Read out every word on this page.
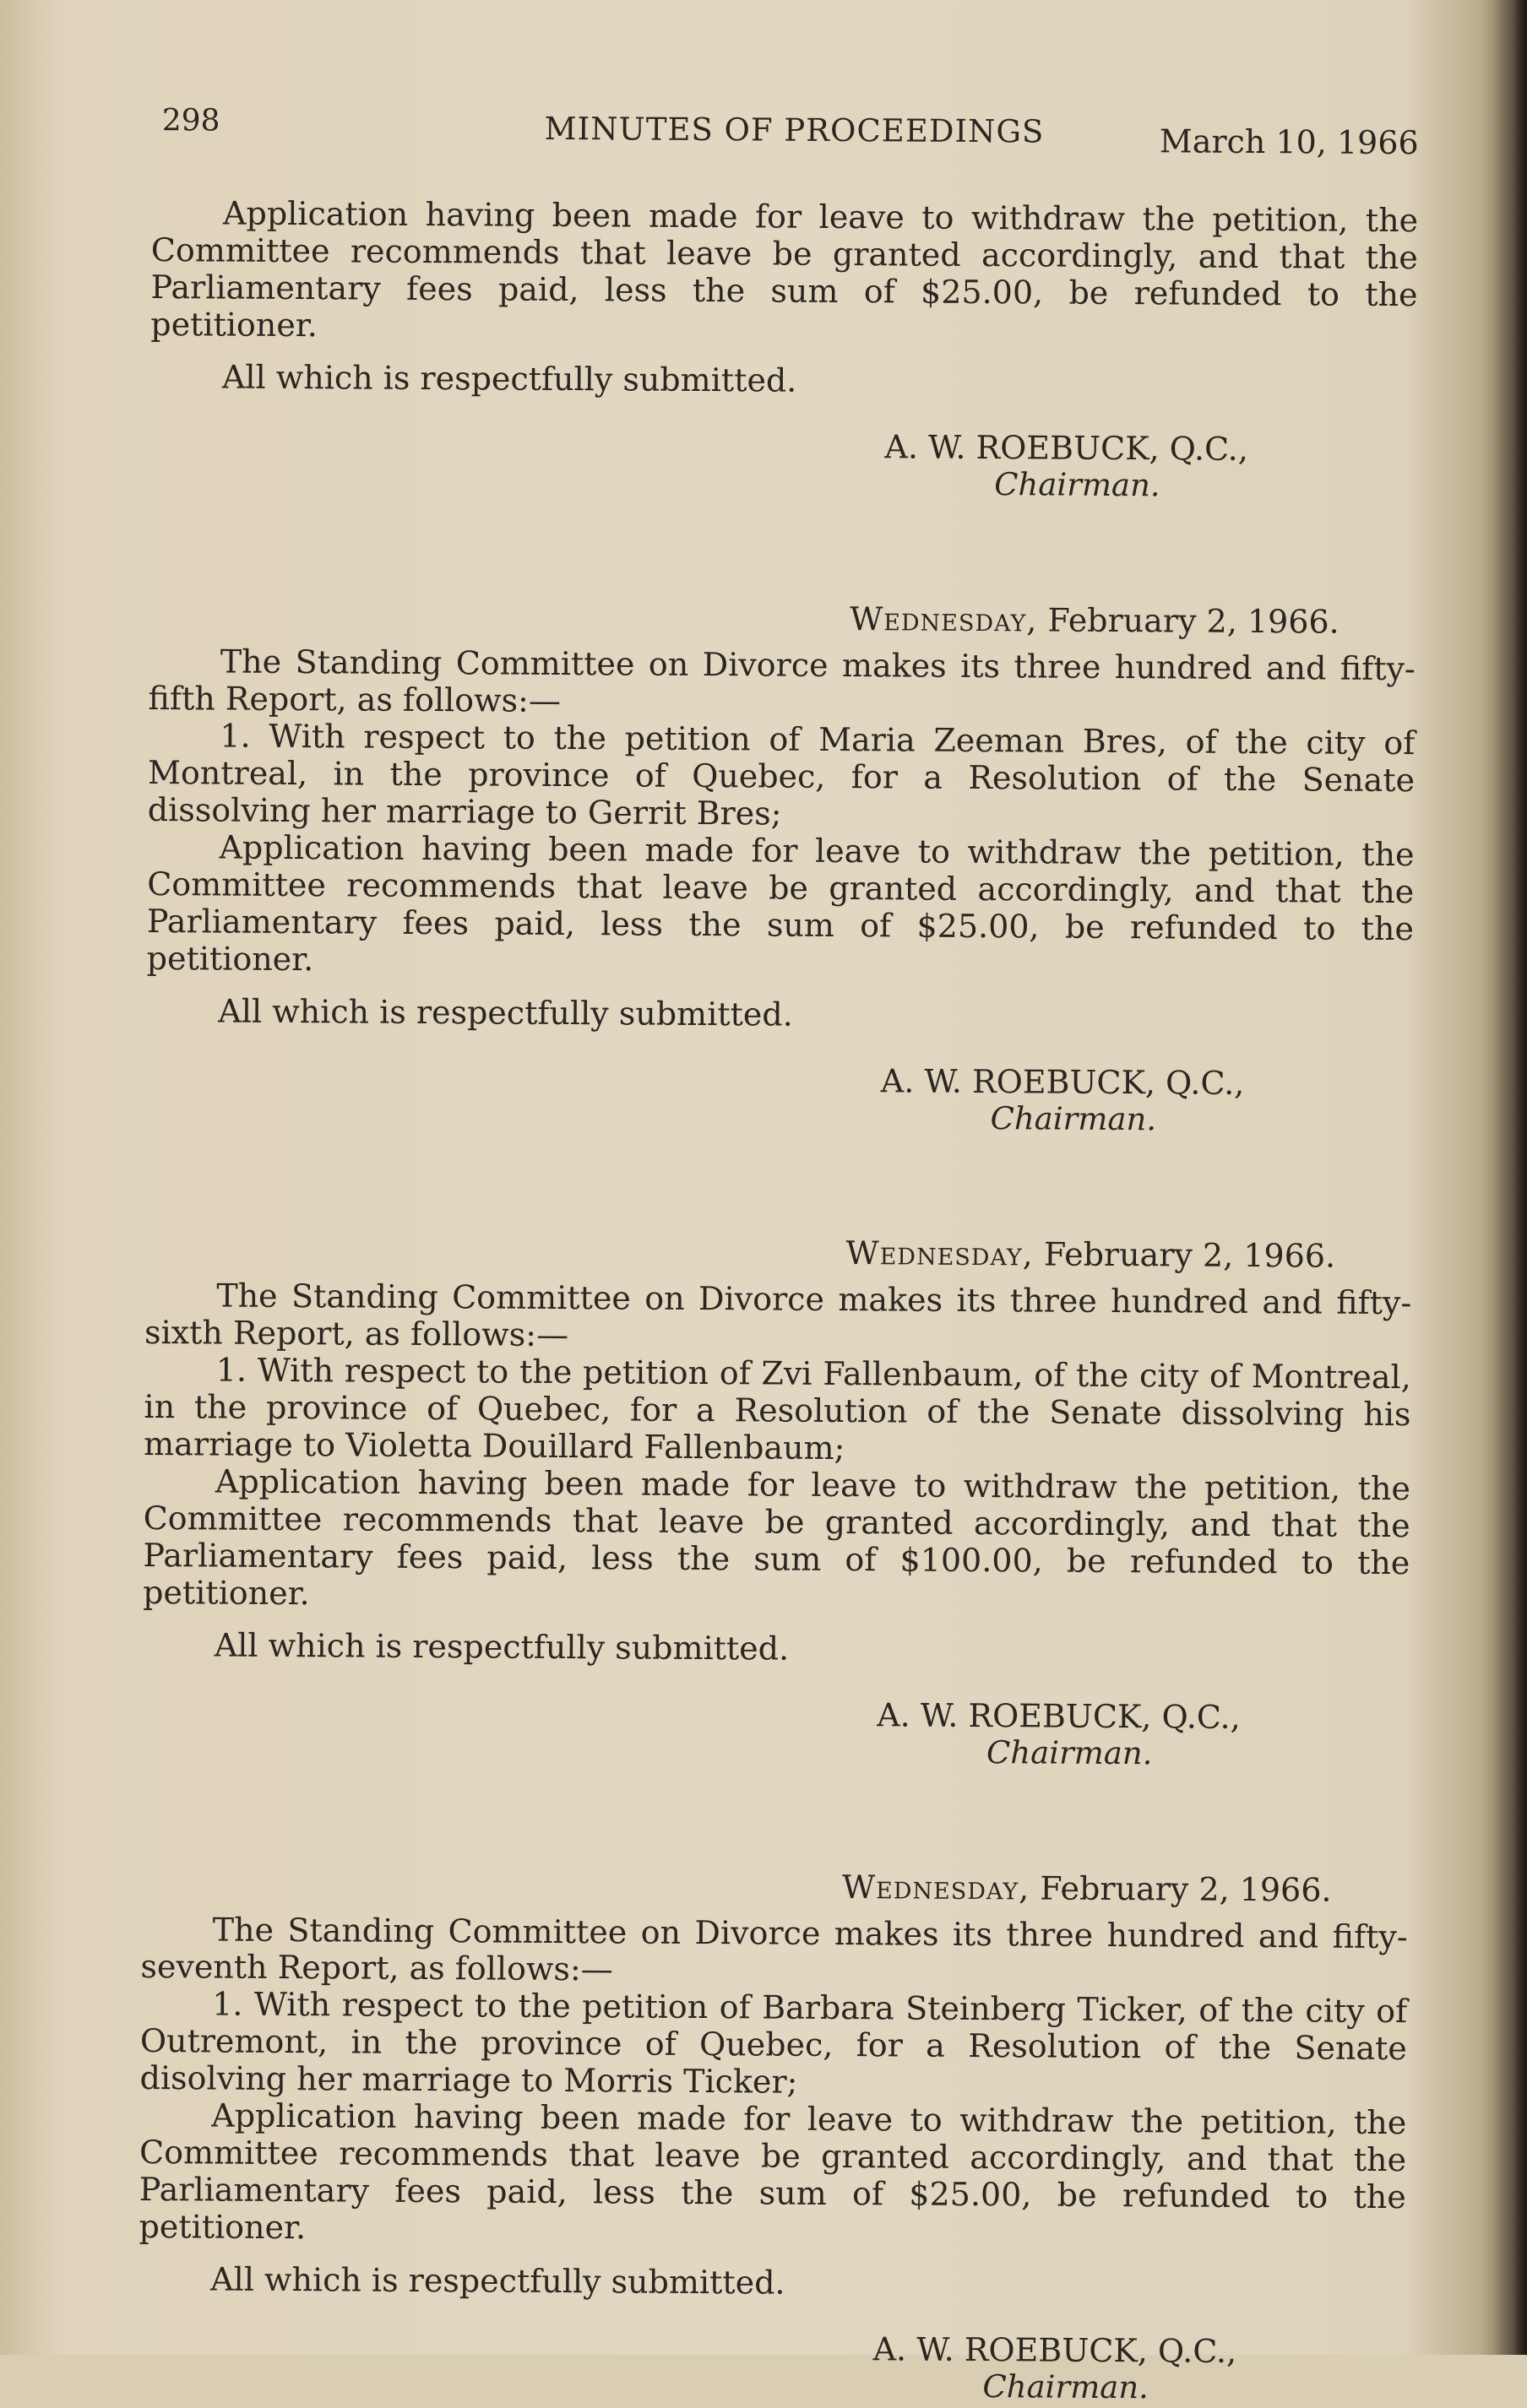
298	MINUTES OF PROCEEDINGS	March 10, 1966

Application having been made for leave to withdraw the petition, the Committee recommends that leave be granted accordingly, and that the Parliamentary fees paid, less the sum of $25.00, be refunded to the petitioner.

All which is respectfully submitted.

A. W. ROEBUCK, Q.C.,
Chairman.
Wednesday, February 2, 1966.

The Standing Committee on Divorce makes its three hundred and fifty-fifth Report, as follows:—

1. With respect to the petition of Maria Zeeman Bres, of the city of Montreal, in the province of Quebec, for a Resolution of the Senate dissolving her marriage to Gerrit Bres;

Application having been made for leave to withdraw the petition, the Committee recommends that leave be granted accordingly, and that the Parliamentary fees paid, less the sum of $25.00, be refunded to the petitioner.

All which is respectfully submitted.

A. W. ROEBUCK, Q.C.,
Chairman.
Wednesday, February 2, 1966.

The Standing Committee on Divorce makes its three hundred and fifty-sixth Report, as follows:—

1. With respect to the petition of Zvi Fallenbaum, of the city of Montreal, in the province of Quebec, for a Resolution of the Senate dissolving his marriage to Violetta Douillard Fallenbaum;

Application having been made for leave to withdraw the petition, the Committee recommends that leave be granted accordingly, and that the Parliamentary fees paid, less the sum of $100.00, be refunded to the petitioner.

All which is respectfully submitted.

A. W. ROEBUCK, Q.C.,
Chairman.
Wednesday, February 2, 1966.

The Standing Committee on Divorce makes its three hundred and fifty-seventh Report, as follows:—

1. With respect to the petition of Barbara Steinberg Ticker, of the city of Outremont, in the province of Quebec, for a Resolution of the Senate disolving her marriage to Morris Ticker;

Application having been made for leave to withdraw the petition, the Committee recommends that leave be granted accordingly, and that the Parliamentary fees paid, less the sum of $25.00, be refunded to the petitioner.

All which is respectfully submitted.

A. W. ROEBUCK, Q.C.,
Chairman.
